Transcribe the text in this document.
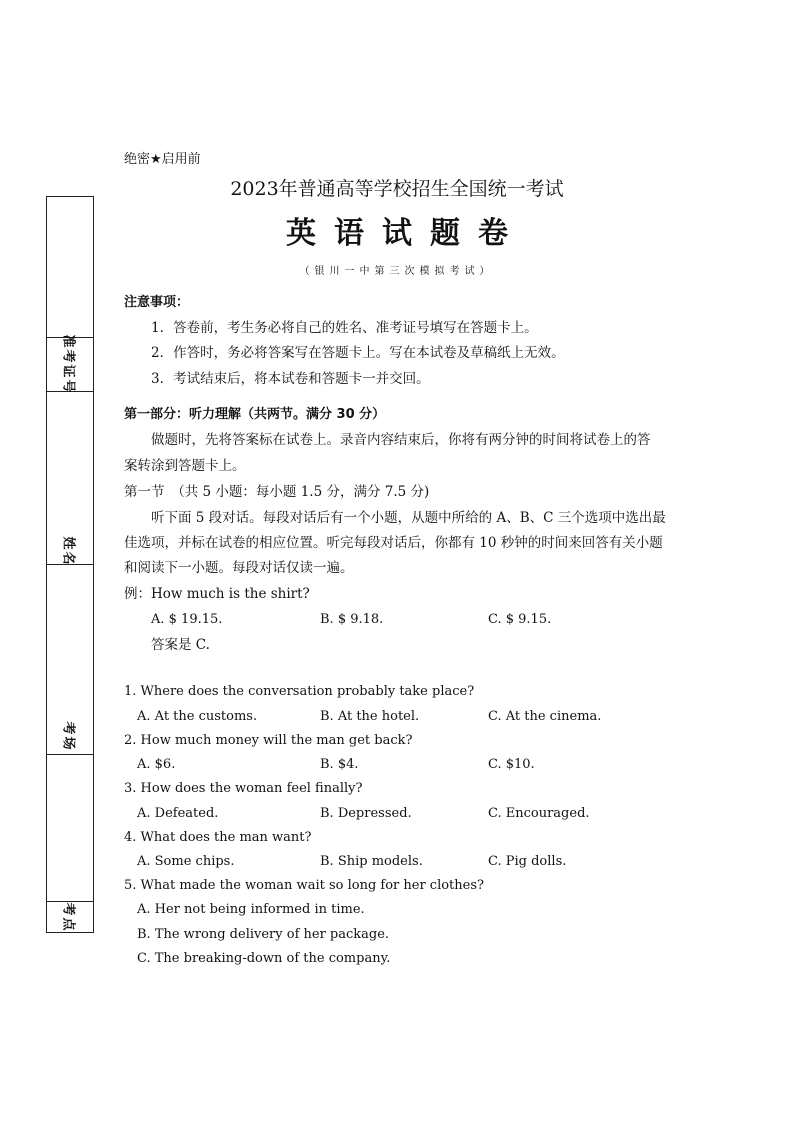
准考证号
姓名
考场
考点
绝密★启用前
2023年普通高等学校招生全国统一考试
英语试题卷
（银川一中第三次模拟考试）
注意事项：
1．答卷前，考生务必将自己的姓名、准考证号填写在答题卡上。
2．作答时，务必将答案写在答题卡上。写在本试卷及草稿纸上无效。
3．考试结束后，将本试卷和答题卡一并交回。
第一部分：听力理解（共两节。满分 30 分）
做题时，先将答案标在试卷上。录音内容结束后，你将有两分钟的时间将试卷上的答
案转涂到答题卡上。
第一节　（共 5 小题：每小题 1.5 分，满分 7.5 分)
听下面 5 段对话。每段对话后有一个小题，从题中所给的 A、B、C 三个选项中选出最
佳选项，并标在试卷的相应位置。听完每段对话后，你都有 10 秒钟的时间来回答有关小题
和阅读下一小题。每段对话仅读一遍。
例：How much is the shirt?
A. $ 19.15.	B. $ 9.18.	C. $ 9.15.
答案是 C.
1. Where does the conversation probably take place?
A. At the customs.	B. At the hotel.	C. At the cinema.
2. How much money will the man get back?
A. $6.	B. $4.	C. $10.
3. How does the woman feel finally?
A. Defeated.	B. Depressed.	C. Encouraged.
4. What does the man want?
A. Some chips.	B. Ship models.	C. Pig dolls.
5. What made the woman wait so long for her clothes?
A. Her not being informed in time.
B. The wrong delivery of her package.
C. The breaking-down of the company.
